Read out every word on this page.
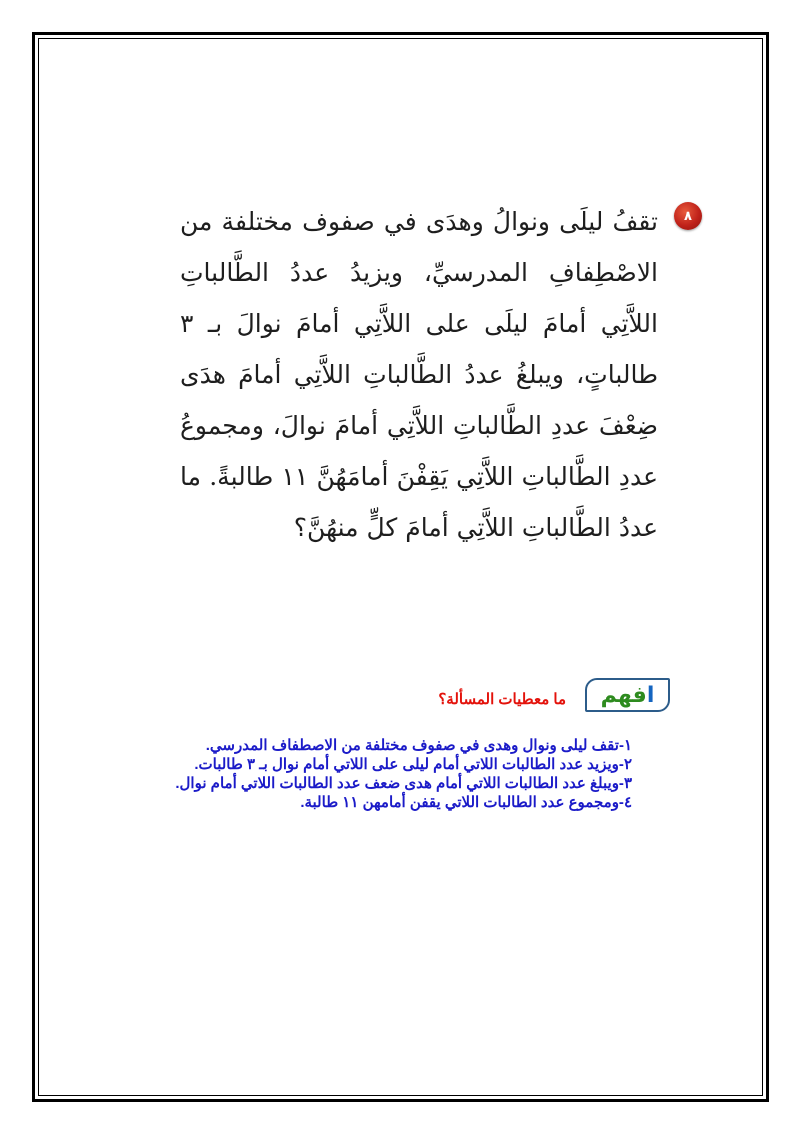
٨

تقفُ ليلَى ونوالُ وهدَى في صفوف مختلفة من الاصْطِفافِ المدرسيِّ، ويزيدُ عددُ الطَّالباتِ اللاَّتِي أمامَ ليلَى على اللاَّتِي أمامَ نوالَ بـ ٣ طالباتٍ، ويبلغُ عددُ الطَّالباتِ اللاَّتِي أمامَ هدَى ضِعْفَ عددِ الطَّالباتِ اللاَّتِي أمامَ نوالَ، ومجموعُ عددِ الطَّالباتِ اللاَّتِي يَقِفْنَ أمامَهُنَّ ١١ طالبةً. ما عددُ الطَّالباتِ اللاَّتِي أمامَ كلٍّ منهُنَّ؟

ا
فهم
ما معطيات المسألة؟
١-تقف ليلى ونوال وهدى في صفوف مختلفة من الاصطفاف المدرسي.
٢-ويزيد عدد الطالبات اللاتي أمام ليلى على اللاتي أمام نوال بـ ٣ طالبات.
٣-ويبلغ عدد الطالبات اللاتي أمام هدى ضعف عدد الطالبات اللاتي أمام نوال.
٤-ومجموع عدد الطالبات اللاتي يقفن أمامهن ١١ طالبة.
